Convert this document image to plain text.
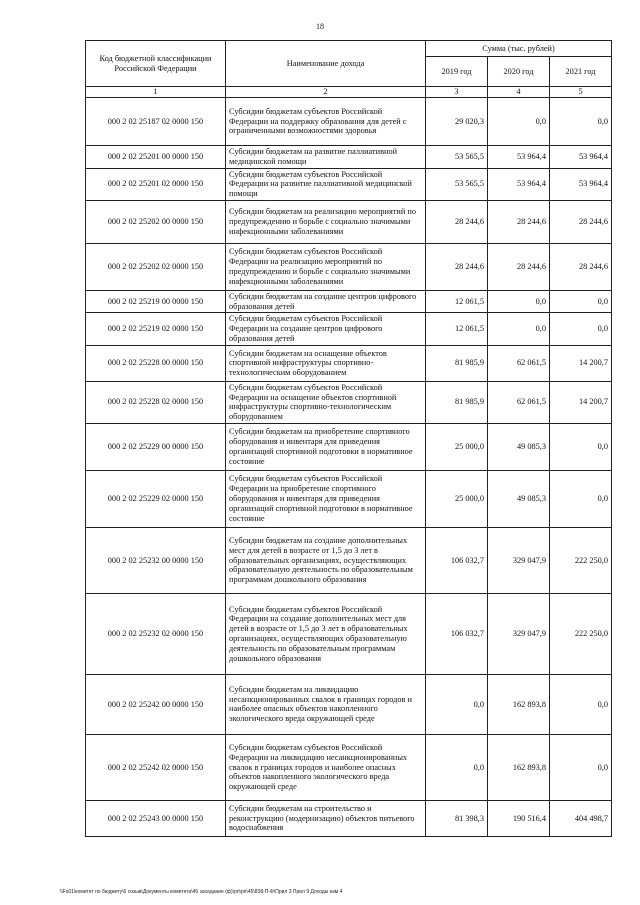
18
Код бюджетной классификации Российской Федерации	Наименование дохода	Сумма (тыс. рублей)		
		2019 год	2020 год	2021 год
1	2	3	4	5
000 2 02 25187 02 0000 150	Субсидии бюджетам субъектов Российской Федерации на поддержку образования для детей с ограниченными возможностями здоровья	29 020,3	0,0	0,0
000 2 02 25201 00 0000 150	Субсидии бюджетам на развитие паллиативной медицинской помощи	53 565,5	53 964,4	53 964,4
000 2 02 25201 02 0000 150	Субсидии бюджетам субъектов Российской Федерации на развитие паллиативной медицинской помощи	53 565,5	53 964,4	53 964,4
000 2 02 25202 00 0000 150	Субсидии бюджетам на реализацию мероприятий по предупреждению и борьбе с социально значимыми инфекционными заболеваниями	28 244,6	28 244,6	28 244,6
000 2 02 25202 02 0000 150	Субсидии бюджетам субъектов Российской Федерации на реализацию мероприятий по предупреждению и борьбе с социально значимыми инфекционными заболеваниями	28 244,6	28 244,6	28 244,6
000 2 02 25219 00 0000 150	Субсидии бюджетам на создание центров цифрового образования детей	12 061,5	0,0	0,0
000 2 02 25219 02 0000 150	Субсидии бюджетам субъектов Российской Федерации на создание центров цифрового образования детей	12 061,5	0,0	0,0
000 2 02 25228 00 0000 150	Субсидии бюджетам на оснащение объектов спортивной инфраструктуры спортивно-технологическим оборудованием	81 985,9	62 061,5	14 200,7
000 2 02 25228 02 0000 150	Субсидии бюджетам субъектов Российской Федерации на оснащение объектов спортивной инфраструктуры спортивно-технологическим оборудованием	81 985,9	62 061,5	14 200,7
000 2 02 25229 00 0000 150	Субсидии бюджетам на приобретение спортивного оборудования и инвентаря для приведения организаций спортивной подготовки в нормативное состояние	25 000,0	49 085,3	0,0
000 2 02 25229 02 0000 150	Субсидии бюджетам субъектов Российской Федерации на приобретение спортивного оборудования и инвентаря для приведения организаций спортивной подготовки в нормативное состояние	25 000,0	49 085,3	0,0
000 2 02 25232 00 0000 150	Субсидии бюджетам на создание дополнительных мест для детей в возрасте от 1,5 до 3 лет в образовательных организациях, осуществляющих образовательную деятельность по образовательным программам дошкольного образования	106 032,7	329 047,9	222 250,0
000 2 02 25232 02 0000 150	Субсидии бюджетам субъектов Российской Федерации на создание дополнительных мест для детей в возрасте от 1,5 до 3 лет в образовательных организациях, осуществляющих образовательную деятельность по образовательным программам дошкольного образования	106 032,7	329 047,9	222 250,0
000 2 02 25242 00 0000 150	Субсидии бюджетам на ликвидацию несанкционированных свалок в границах городов и наиболее опасных объектов накопленного экологического вреда окружающей среде	0,0	162 893,8	0,0
000 2 02 25242 02 0000 150	Субсидии бюджетам субъектов Российской Федерации на ликвидацию несанкционированных свалок в границах городов и наиболее опасных объектов накопленного экологического вреда окружающей среде	0,0	162 893,8	0,0
000 2 02 25243 00 0000 150	Субсидии бюджетам на строительство и реконструкцию (модернизацию) объектов питьевого водоснабжения	81 398,3	190 516,4	404 498,7
\\Fs01\комитет по бюджету\6 созыв\Документы комитета\45 заседание (ф)\рп\рп\45\838-П-Ф\Прил 3 Прил 9 Доходы изм 4
